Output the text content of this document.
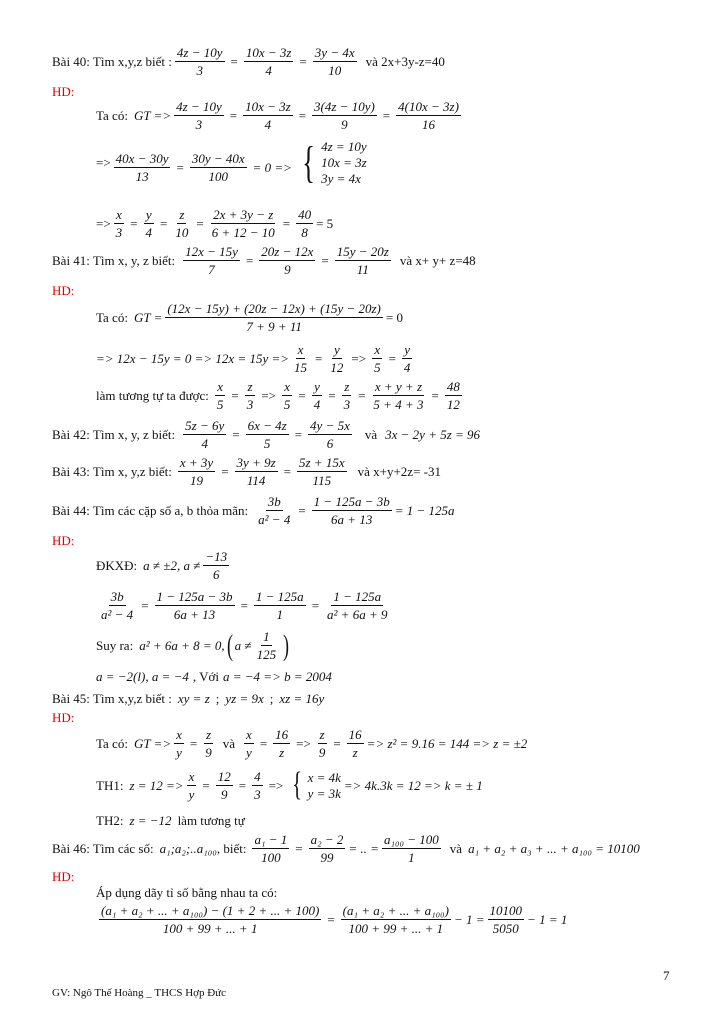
Bài 40: Tìm x,y,z biết : $\frac{4z - 10y}{3} = \frac{10x - 3z}{4} = \frac{3y - 4x}{10}$ và 2x+3y-z=40
HD:
Ta có: GT => $\frac{4z - 10y}{3} = \frac{10x - 3z}{4} = \frac{3(4z - 10y)}{9} = \frac{4(10x - 3z)}{16}$
=> $\frac{40x - 30y}{13} = \frac{30y - 40x}{100} = 0$ => { 4z = 10y
10x = 3z
3y = 4x
=> $\frac{x}{3} = \frac{y}{4} = \frac{z}{10} = \frac{2x + 3y - z}{6 + 12 - 10} = \frac{40}{8} = 5$
Bài 41: Tìm x, y, z biết: $\frac{12x - 15y}{7} = \frac{20z - 12x}{9} = \frac{15y - 20z}{11}$ và x+ y+ z=48
HD:
Ta có: GT = $\frac{(12x - 15y) + (20z - 12x) + (15y - 20z)}{7 + 9 + 11} = 0$
=> $12x - 15y = 0 => 12x = 15y => \frac{x}{15} = \frac{y}{12} => \frac{x}{5} = \frac{y}{4}$
làm tương tự ta được: $\frac{x}{5} = \frac{z}{3} => \frac{x}{5} = \frac{y}{4} = \frac{z}{3} = \frac{x + y + z}{5 + 4 + 3} = \frac{48}{12}$
Bài 42: Tìm x, y, z biết: $\frac{5z - 6y}{4} = \frac{6x - 4z}{5} = \frac{4y - 5x}{6}$ và 3x − 2y + 5z = 96
Bài 43: Tìm x, y,z biết: $\frac{x + 3y}{19} = \frac{3y + 9z}{114} = \frac{5z + 15x}{115}$ và x+y+2z= -31
Bài 44: Tìm các cặp số a, b thỏa mãn: $\frac{3b}{\text{a² − 4}} = \frac{1 - 125a - 3b}{6a + 13} = 1 - 125a$
HD:
ĐKXĐ: a ≠ ±2, a ≠
−13
6
$\frac{3b}{\text{a² − 4}} = \frac{1 - 125a - 3b}{6a + 13} = \frac{1 - 125a}{1} = \frac{1 - 125a}{\text{a² + 6a + 9}}$
Suy ra: a² + 6a + 8 = 0, ( a ≠
1
125 )
a = −2(l), a = −4 , Với a = −4 => b = 2004
Bài 45: Tìm x,y,z biết : xy = z ; yz = 9x ; xz = 16y
HD:
Ta có: GT => $\frac{x}{y} = \frac{z}{9}$ và $\frac{x}{y} = \frac{16}{z} => \frac{z}{9} = \frac{16}{z} => z^2 = 9.16 = 144 => z = \pm 2$
TH1: $z = 12 => \frac{x}{y} = \frac{12}{9} = \frac{4}{3}$ => { x = 4k
y = 3k
=> 4k.3k = 12 => k = ± 1
TH2: z = −12 làm tương tự
Bài 46: Tìm các số: a₁;a₂;..a₁₀₀ , biết: $\frac{\text{a₁ − 1}}{100} = \frac{\text{a₂ − 2}}{99}$ = .. = $\frac{\text{a₁₀₀ − 100}}{1}$ và a₁ + a₂ + a₃ + ... + a₁₀₀ = 10100
HD:
Áp dụng dãy tỉ số bằng nhau ta có:
$\frac{\text{(a₁ + a₂ + ... + a₁₀₀) − (1 + 2 + ... + 100)}}{100 + 99 + ... + 1} = \frac{\text{(a₁ + a₂ + ... + a₁₀₀)}}{100 + 99 + ... + 1} - 1 = \frac{10100}{5050} - 1 = 1$
7
GV: Ngô Thế Hoàng _ THCS Hợp Đức
